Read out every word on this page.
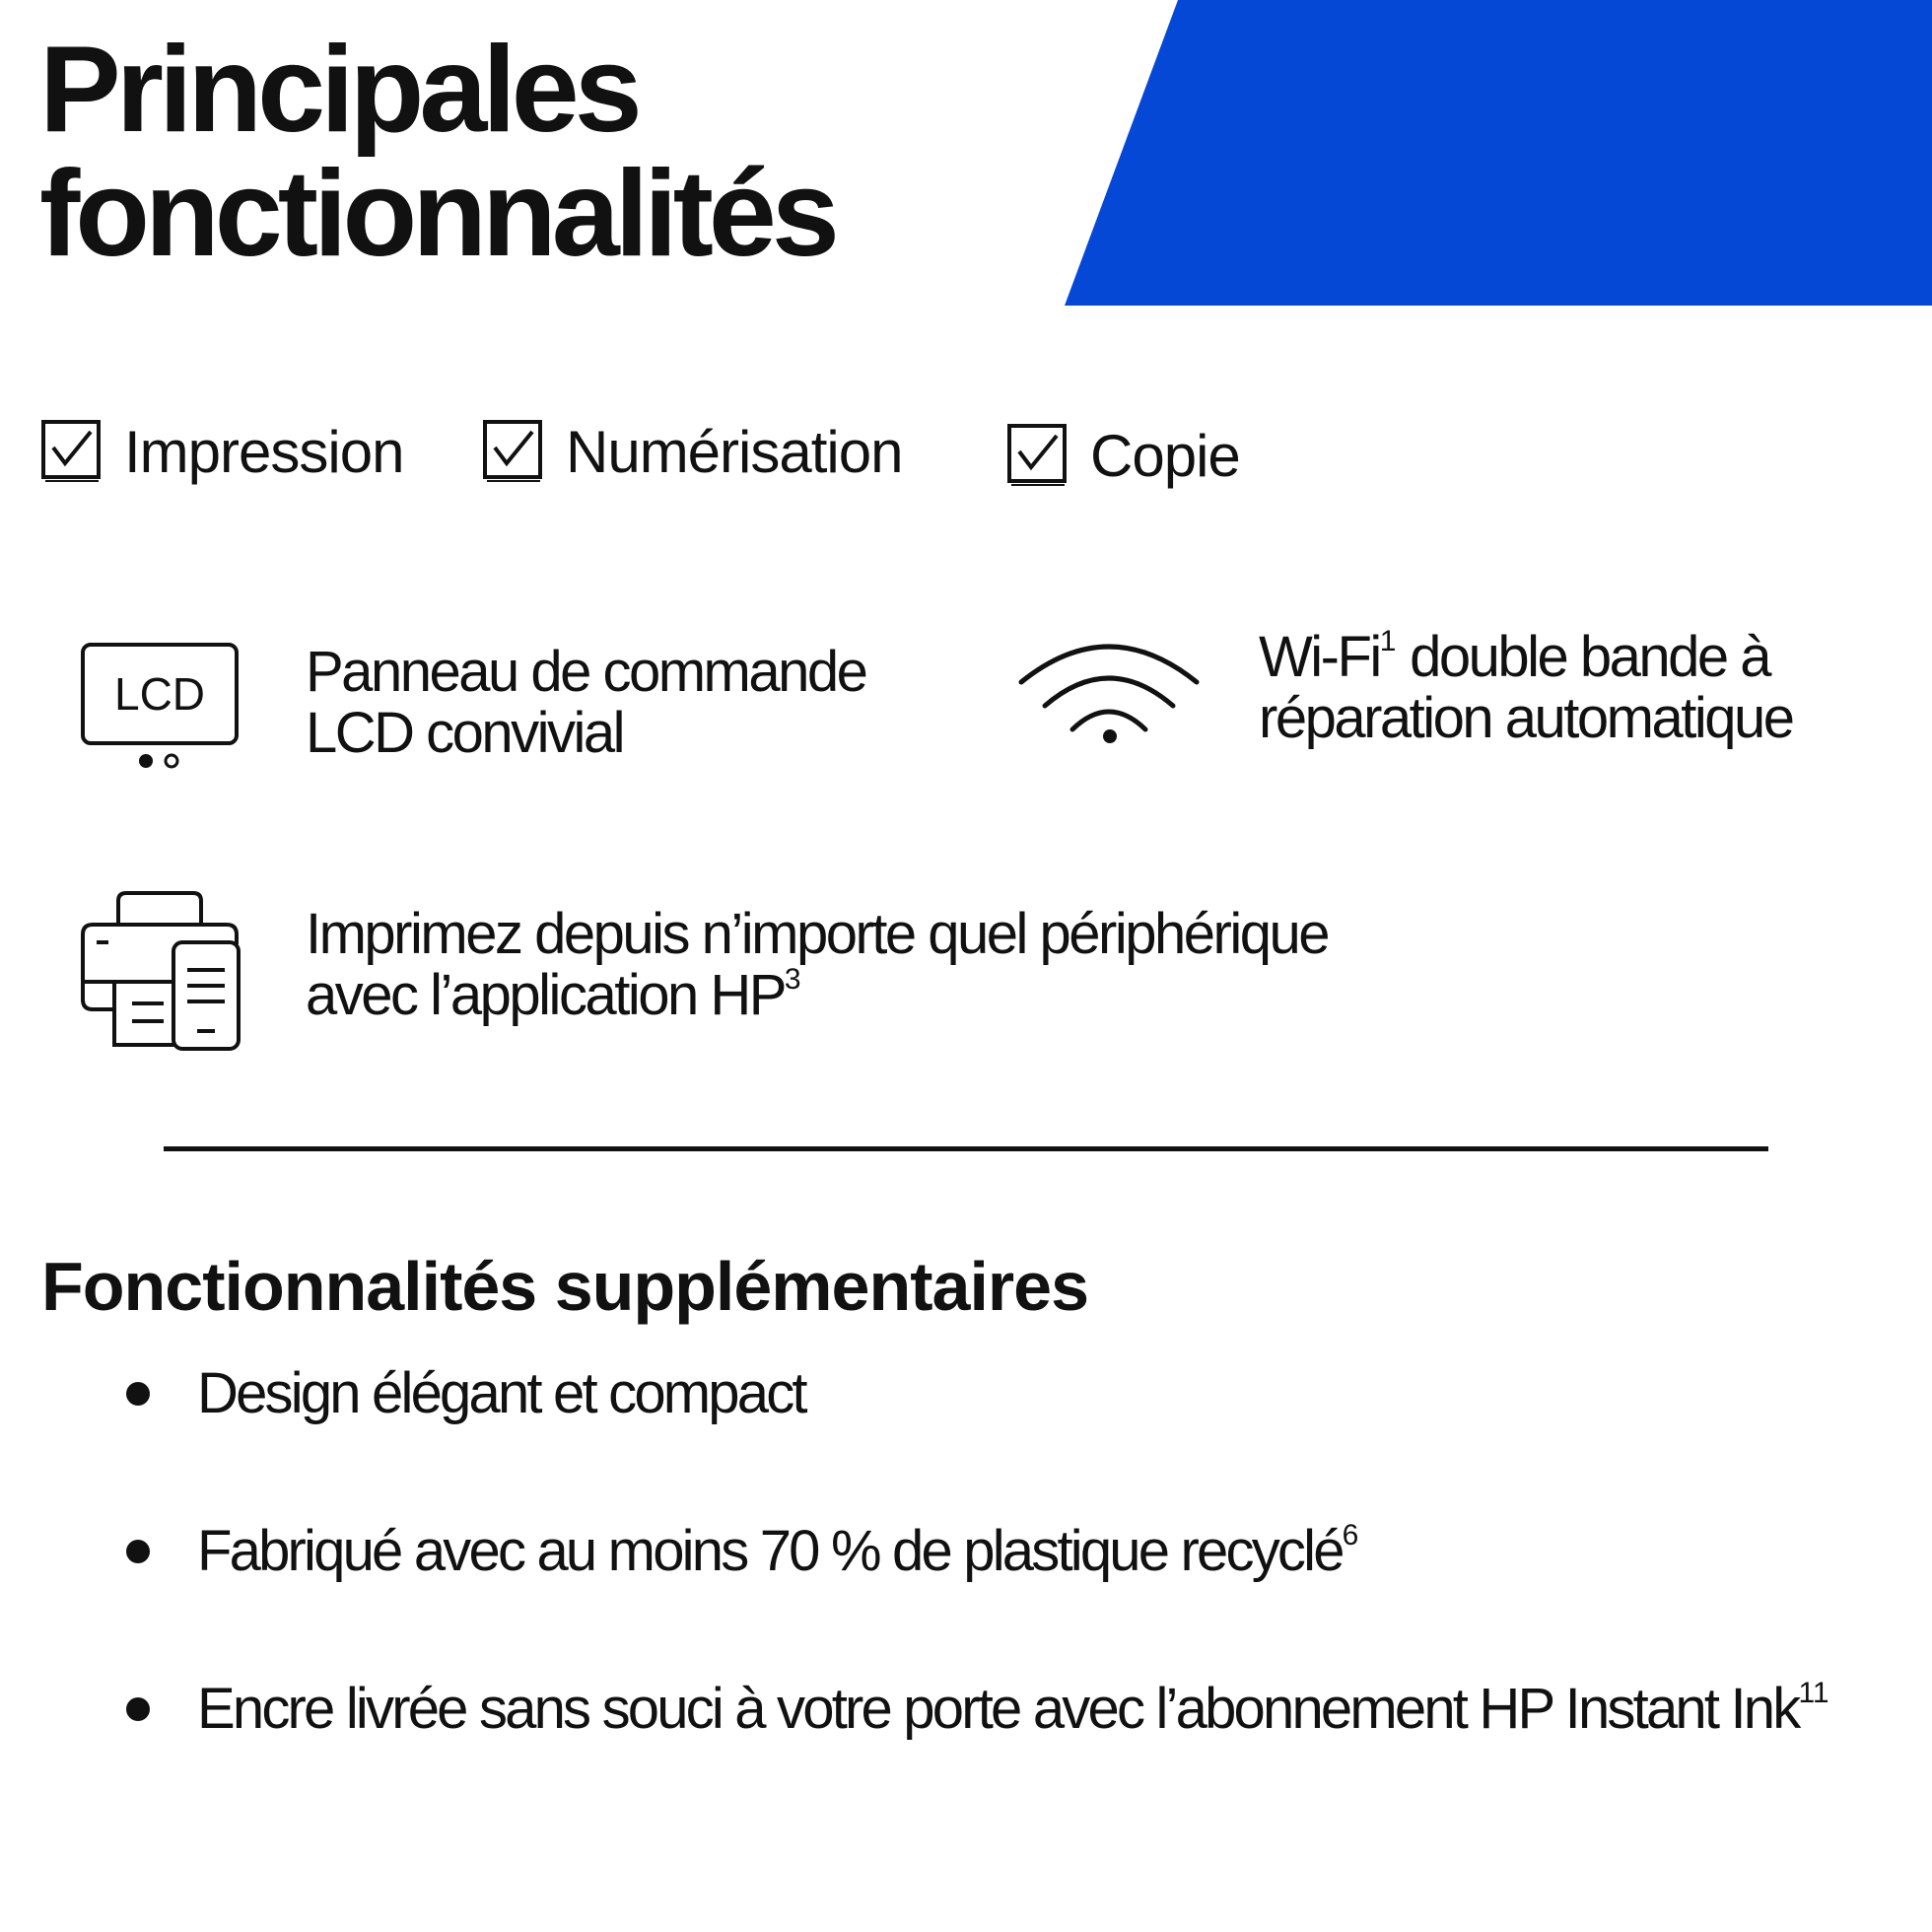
Principales
fonctionnalités
Impression	Numérisation	Copie
LCD Panneau de commande
LCD convivial
Wi-Fi$^1$ double bande à
réparation automatique
Imprimez depuis n’importe quel périphérique
avec l’application $HP^3$
Fonctionnalités supplémentaires
Design élégant et compact
Fabriqué avec au moins 70 % de plastique recyclé$^6$
Encre livrée sans souci à votre porte avec l’abonnement HP Instant Ink$^{11}$
